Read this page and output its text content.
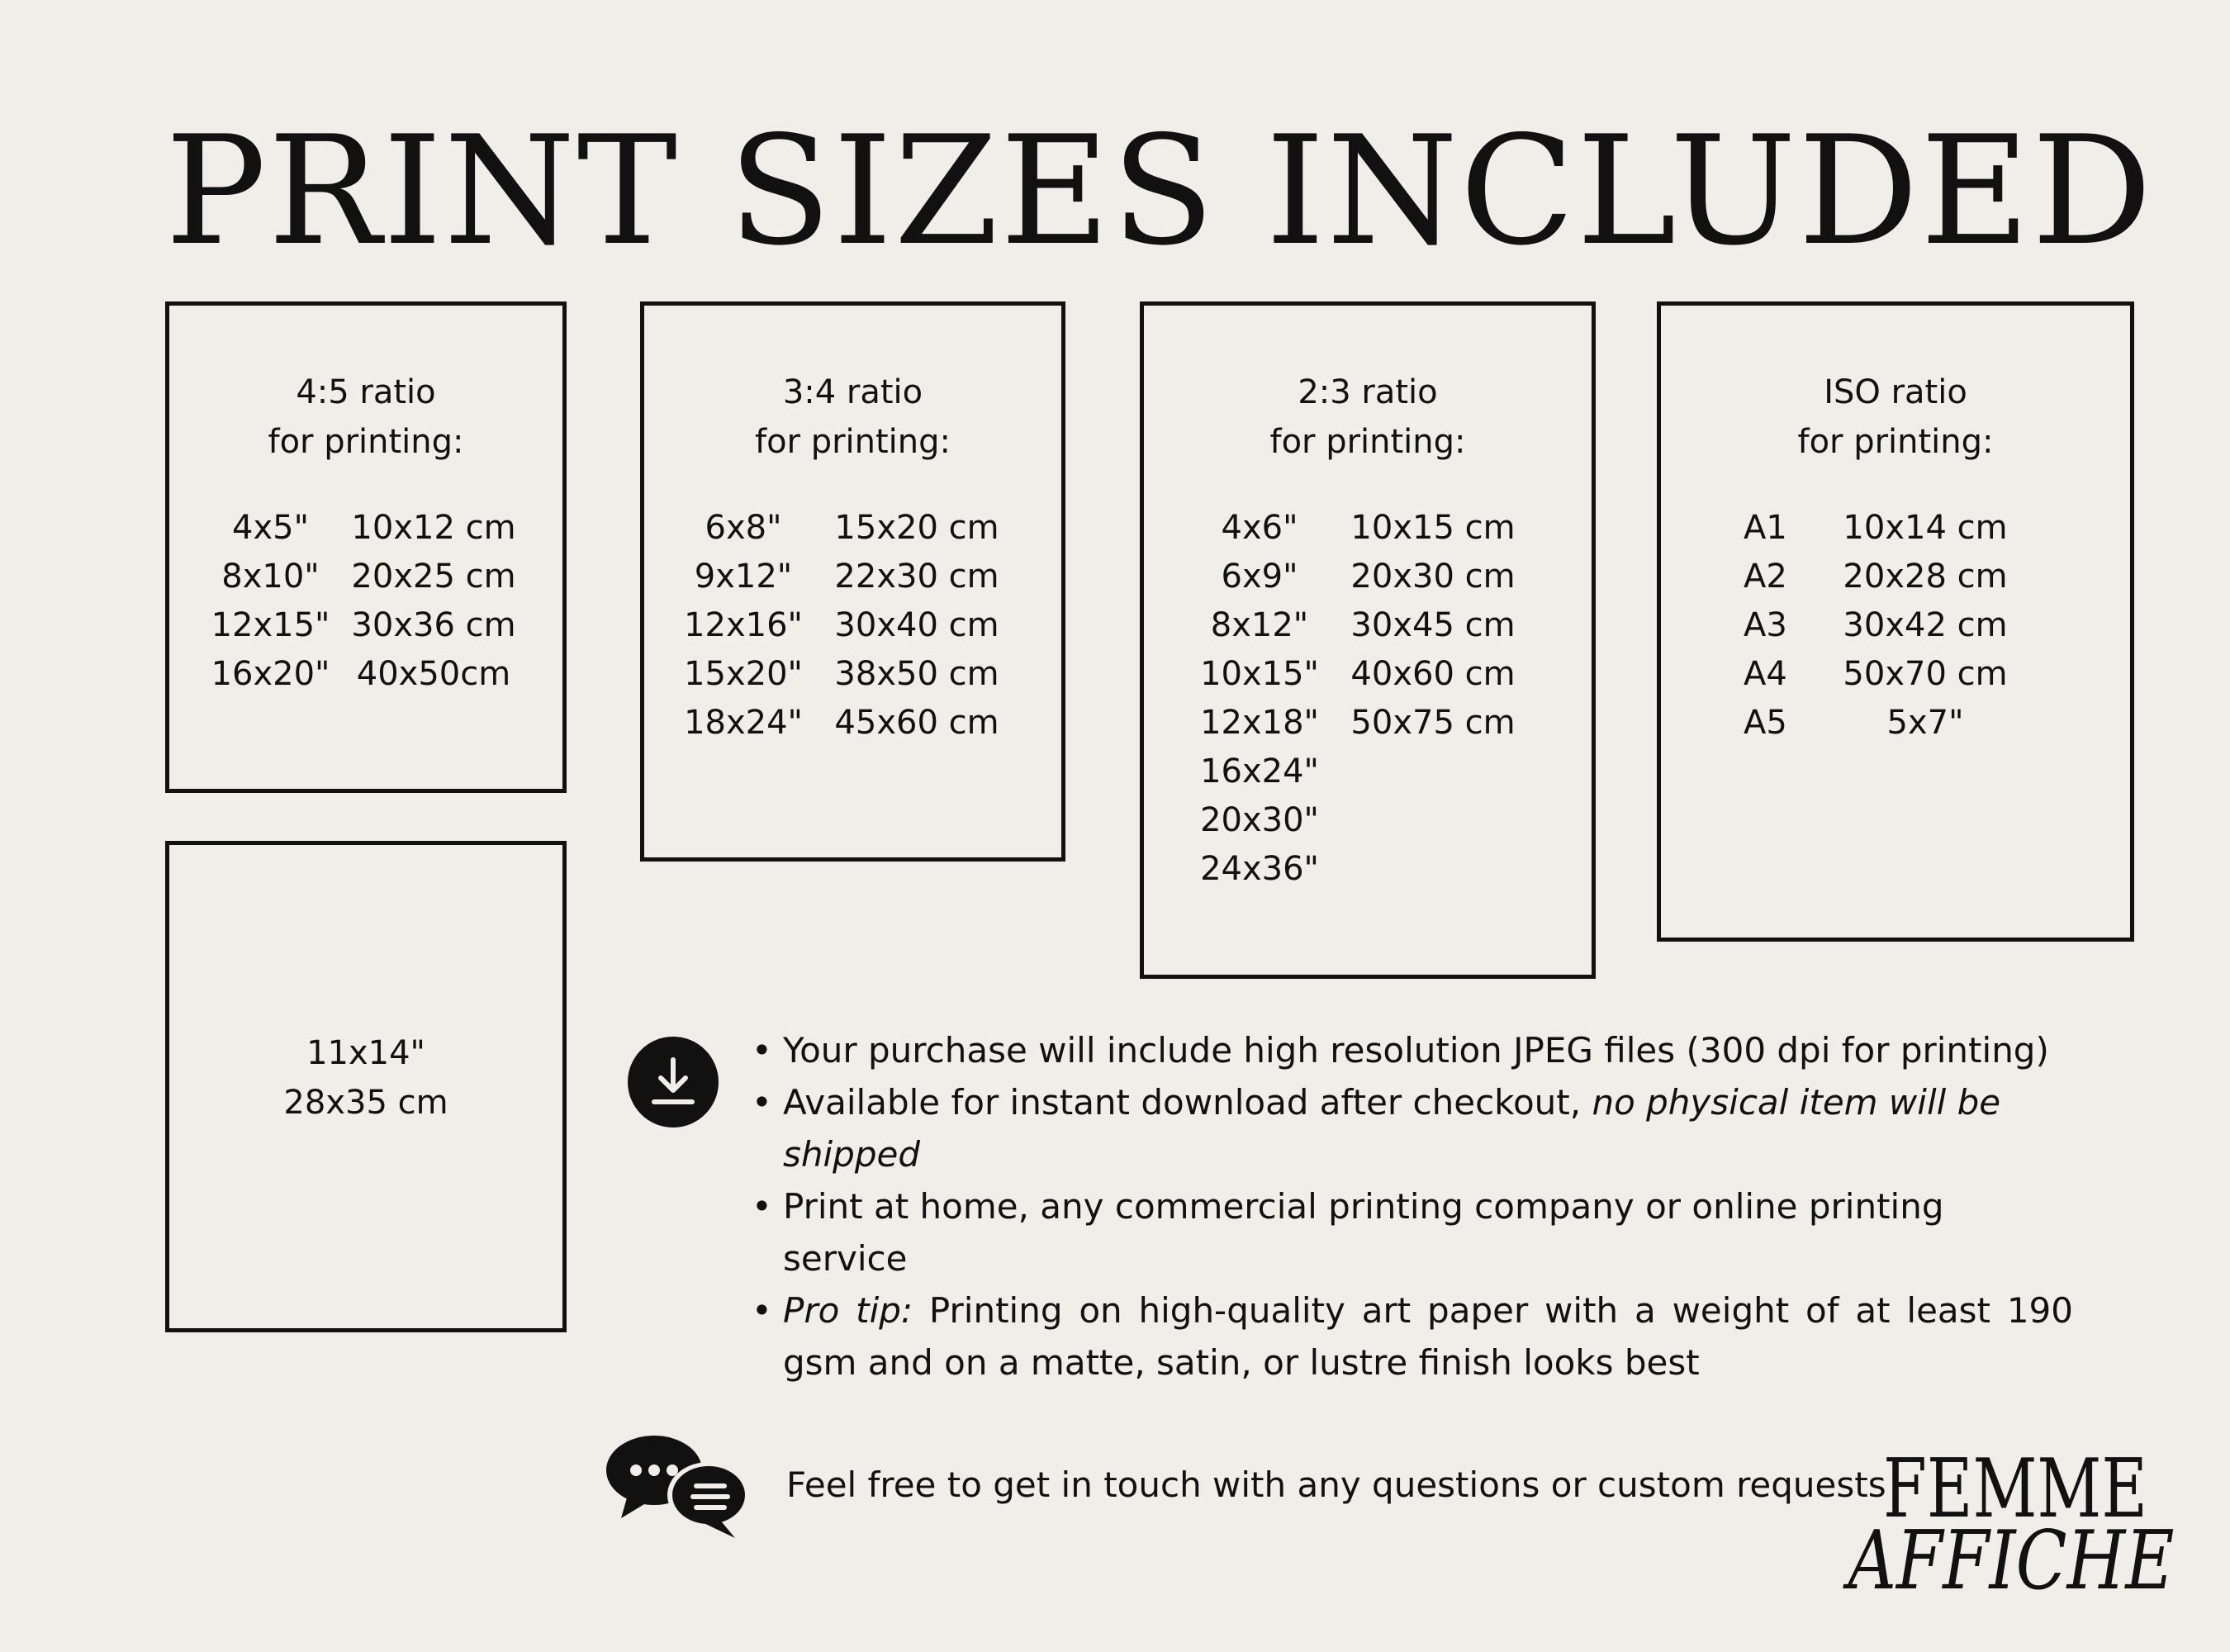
PRINT SIZES INCLUDED
4:5 ratio
for printing:
4x5"	10x12 cm
8x10" 20x25 cm
12x15" 30x36 cm
16x20" 40x50cm
3:4 ratio
for printing:
6x8"	15x20 cm
9x12"	22x30 cm
12x16" 30x40 cm
15x20" 38x50 cm
18x24" 45x60 cm
2:3 ratio
for printing:
4x6"	10x15 cm
6x9"	20x30 cm
8x12"	30x45 cm
10x15" 40x60 cm
12x18" 50x75 cm
16x24"
20x30"
24x36"
ISO ratio
for printing:
A1	10x14 cm
A2	20x28 cm
A3	30x42 cm
A4	50x70 cm
A5	5x7"
11x14"
28x35 cm
• Your purchase will include high resolution JPEG files (300 dpi for printing)
• Available for instant download after checkout, no physical item will be shipped
• Print at home, any commercial printing company or online printing service
• Pro tip: Printing on high-quality art paper with a weight of at least 190 gsm and on a matte, satin, or lustre finish looks best
Feel free to get in touch with any questions or custom requests
FEMME
AFFICHE
